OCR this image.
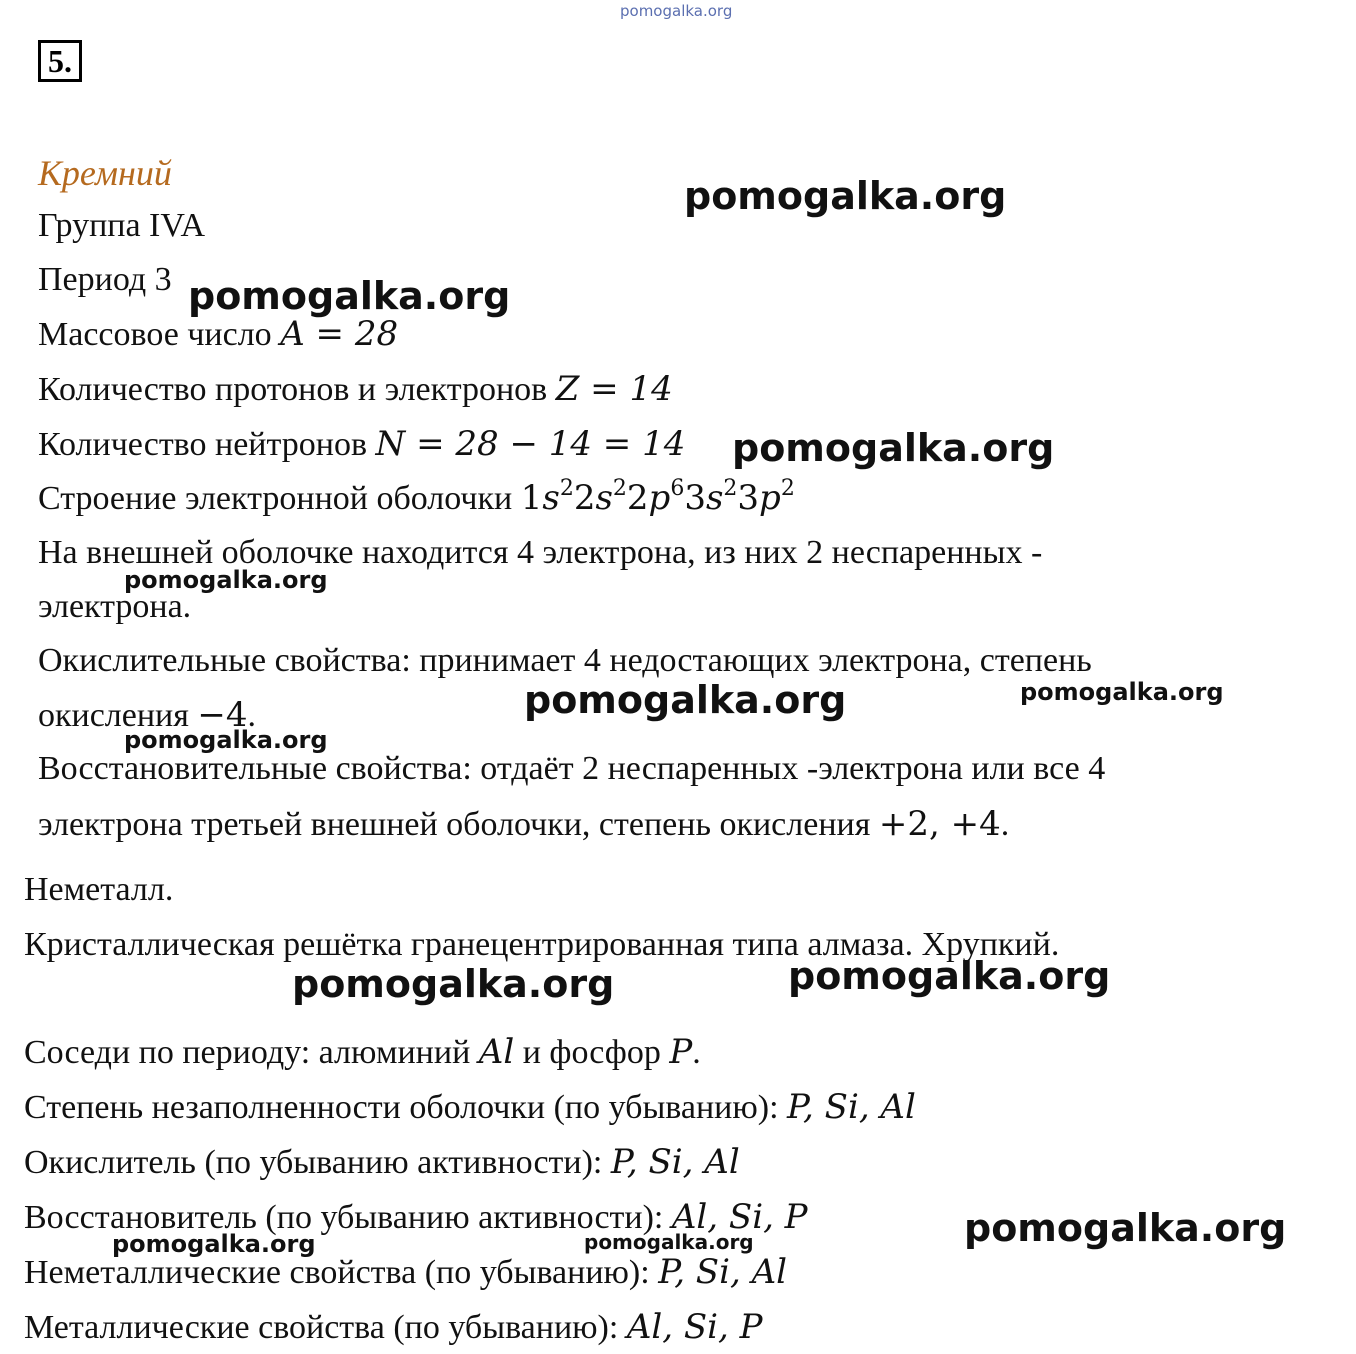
pomogalka.org
5.
Кремний
Группа IVA
Период 3
Массовое число A = 28
Количество протонов и электронов Z = 14
Количество нейтронов N = 28 − 14 = 14
Строение электронной оболочки $1s^22s^22p^63s^23p^2$
На внешней оболочке находится 4 электрона, из них 2 неспаренных -
электрона.
Окислительные свойства: принимает 4 недостающих электрона, степень
окисления −4.
Восстановительные свойства: отдаёт 2 неспаренных -электрона или все 4
электрона третьей внешней оболочки, степень окисления +2, +4.
Неметалл.
Кристаллическая решётка гранецентрированная типа алмаза. Хрупкий.
Соседи по периоду: алюминий Al и фосфор P.
Степень незаполненности оболочки (по убыванию): P, Si, Al
Окислитель (по убыванию активности): P, Si, Al
Восстановитель (по убыванию активности): Al, Si, P
Неметаллические свойства (по убыванию): P, Si, Al
Металлические свойства (по убыванию): Al, Si, P
pomogalka.org
pomogalka.org
pomogalka.org
pomogalka.org
pomogalka.org	pomogalka.org
pomogalka.org
pomogalka.org	pomogalka.org
pomogalka.org
pomogalka.org	pomogalka.org
